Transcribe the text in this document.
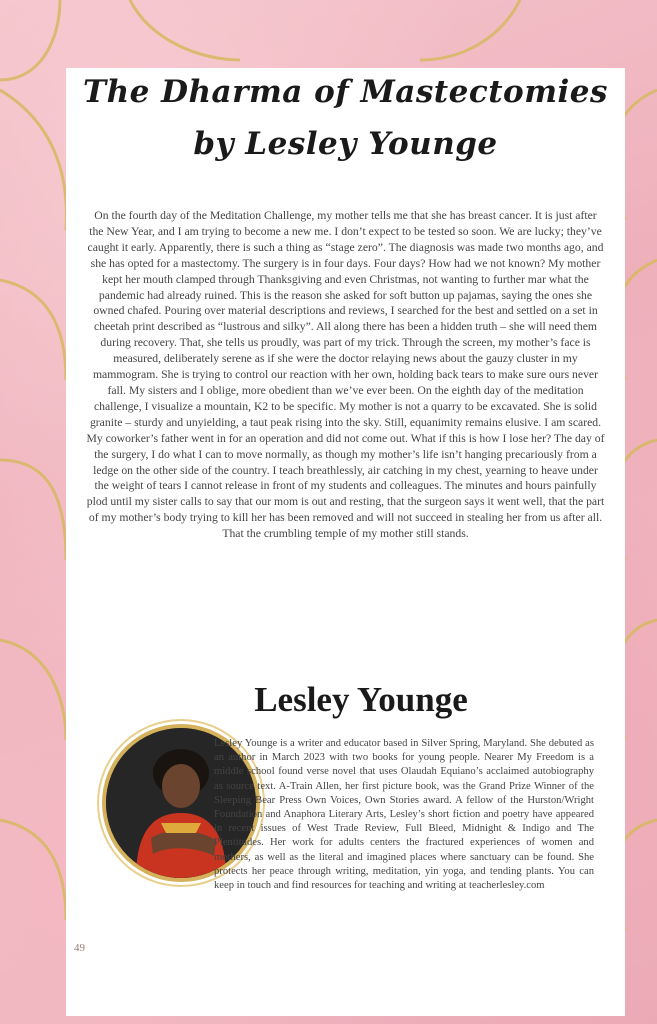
The Dharma of Mastectomies
by Lesley Younge

On the fourth day of the Meditation Challenge, my mother tells me that she has breast cancer. It is just after the New Year, and I am trying to become a new me. I don’t expect to be tested so soon. We are lucky; they’ve caught it early. Apparently, there is such a thing as “stage zero”. The diagnosis was made two months ago, and she has opted for a mastectomy. The surgery is in four days. Four days? How had we not known? My mother kept her mouth clamped through Thanksgiving and even Christmas, not wanting to further mar what the pandemic had already ruined. This is the reason she asked for soft button up pajamas, saying the ones she owned chafed. Pouring over material descriptions and reviews, I searched for the best and settled on a set in cheetah print described as “lustrous and silky”. All along there has been a hidden truth – she will need them during recovery. That, she tells us proudly, was part of my trick. Through the screen, my mother’s face is measured, deliberately serene as if she were the doctor relaying news about the gauzy cluster in my mammogram. She is trying to control our reaction with her own, holding back tears to make sure ours never fall. My sisters and I oblige, more obedient than we’ve ever been. On the eighth day of the meditation challenge, I visualize a mountain, K2 to be specific. My mother is not a quarry to be excavated. She is solid granite – sturdy and unyielding, a taut peak rising into the sky. Still, equanimity remains elusive. I am scared. My coworker’s father went in for an operation and did not come out. What if this is how I lose her? The day of the surgery, I do what I can to move normally, as though my mother’s life isn’t hanging precariously from a ledge on the other side of the country. I teach breathlessly, air catching in my chest, yearning to heave under the weight of tears I cannot release in front of my students and colleagues. The minutes and hours painfully plod until my sister calls to say that our mom is out and resting, that the surgeon says it went well, that the part of my mother’s body trying to kill her has been removed and will not succeed in stealing her from us after all. That the crumbling temple of my mother still stands.

Lesley Younge

Lesley Younge is a writer and educator based in Silver Spring, Maryland. She debuted as an author in March 2023 with two books for young people. Nearer My Freedom is a middle school found verse novel that uses Olaudah Equiano’s acclaimed autobiography as source text. A-Train Allen, her first picture book, was the Grand Prize Winner of the Sleeping Bear Press Own Voices, Own Stories award. A fellow of the Hurston/Wright Foundation and Anaphora Literary Arts, Lesley’s short fiction and poetry have appeared in recent issues of West Trade Review, Full Bleed, Midnight & Indigo and The Plentitudes. Her work for adults centers the fractured experiences of women and mothers, as well as the literal and imagined places where sanctuary can be found. She protects her peace through writing, meditation, yin yoga, and tending plants. You can keep in touch and find resources for teaching and writing at teacherlesley.com

49
